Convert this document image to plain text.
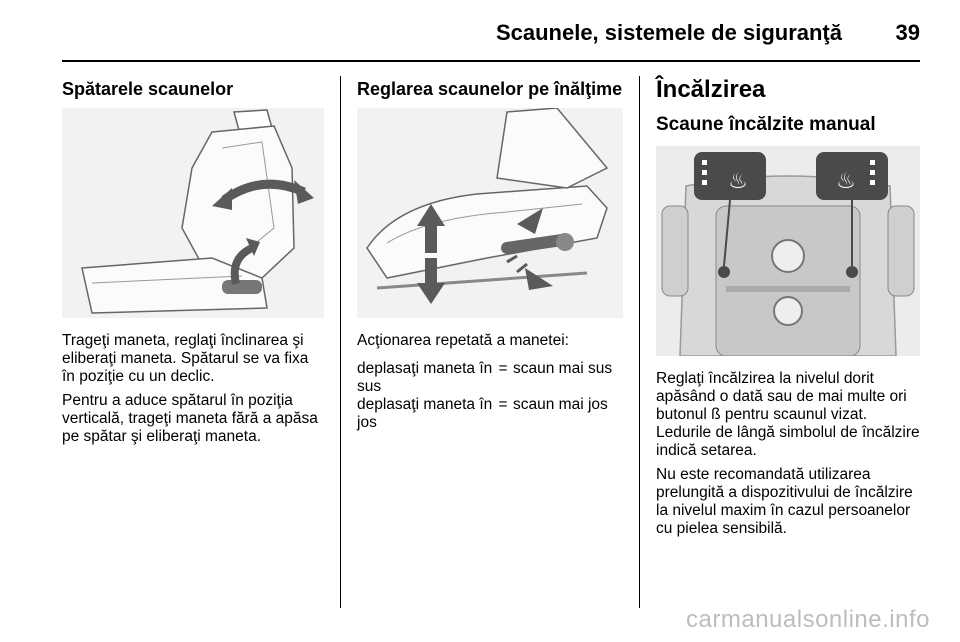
Scaunele, sistemele de siguranţă 39
Spătarele scaunelor

Trageţi maneta, reglaţi înclinarea şi eliberaţi maneta. Spătarul se va fixa în poziţie cu un declic.

Pentru a aduce spătarul în poziţia verticală, trageţi maneta fără a apăsa pe spătar şi eliberaţi maneta.

Reglarea scaunelor pe înălţime

Acţionarea repetată a manetei:

deplasaţi maneta în sus	=	scaun mai sus
deplasaţi maneta în jos	=	scaun mai jos
Încălzirea
Scaune încălzite manual
♨	♨

Reglaţi încălzirea la nivelul dorit apăsând o dată sau de mai multe ori butonul ß pentru scaunul vizat. Ledurile de lângă simbolul de încălzire indică setarea.

Nu este recomandată utilizarea prelungită a dispozitivului de încălzire la nivelul maxim în cazul persoanelor cu pielea sensibilă.

carmanualsonline.info
